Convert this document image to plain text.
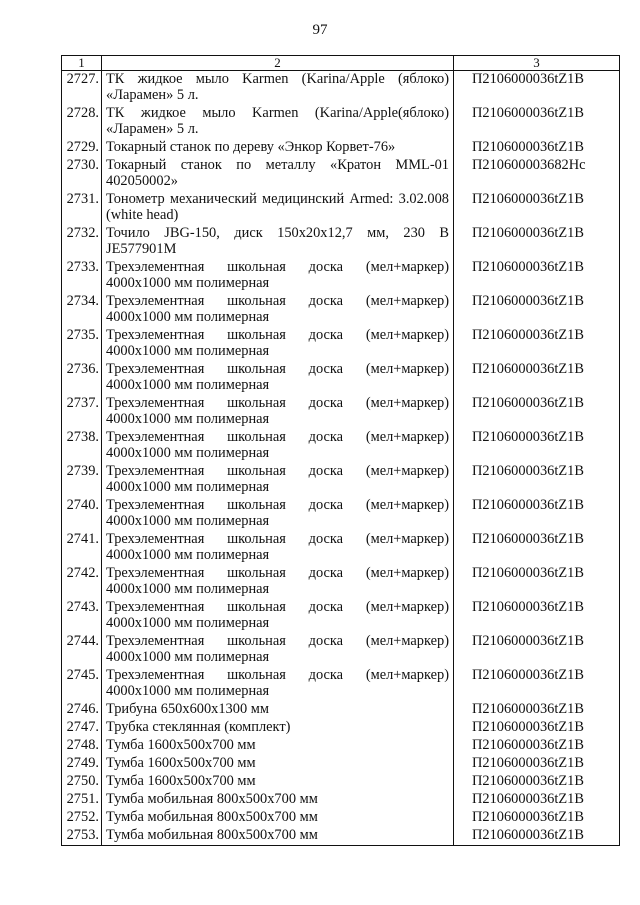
97
1	2	3
2727.	ТК жидкое мыло Karmen (Karina/Apple (яблоко) «Ларамен» 5 л.	П2106000036tZ1B
2728.	ТК жидкое мыло Karmen (Karina/Apple(яблоко) «Ларамен» 5 л.	П2106000036tZ1B
2729.	Токарный станок по дереву «Энкор Корвет-76»	П2106000036tZ1B
2730.	Токарный станок по металлу «Кратон MML-01 402050002»	П210600003682Hc
2731.	Тонометр механический медицинский Armed: 3.02.008 (white head)	П2106000036tZ1B
2732.	Точило JBG-150, диск 150x20x12,7 мм, 230 В JE577901M	П2106000036tZ1B
2733.	Трехэлементная школьная доска (мел+маркер) 4000x1000 мм полимерная	П2106000036tZ1B
2734.	Трехэлементная школьная доска (мел+маркер) 4000x1000 мм полимерная	П2106000036tZ1B
2735.	Трехэлементная школьная доска (мел+маркер) 4000x1000 мм полимерная	П2106000036tZ1B
2736.	Трехэлементная школьная доска (мел+маркер) 4000x1000 мм полимерная	П2106000036tZ1B
2737.	Трехэлементная школьная доска (мел+маркер) 4000x1000 мм полимерная	П2106000036tZ1B
2738.	Трехэлементная школьная доска (мел+маркер) 4000x1000 мм полимерная	П2106000036tZ1B
2739.	Трехэлементная школьная доска (мел+маркер) 4000x1000 мм полимерная	П2106000036tZ1B
2740.	Трехэлементная школьная доска (мел+маркер) 4000x1000 мм полимерная	П2106000036tZ1B
2741.	Трехэлементная школьная доска (мел+маркер) 4000x1000 мм полимерная	П2106000036tZ1B
2742.	Трехэлементная школьная доска (мел+маркер) 4000x1000 мм полимерная	П2106000036tZ1B
2743.	Трехэлементная школьная доска (мел+маркер) 4000x1000 мм полимерная	П2106000036tZ1B
2744.	Трехэлементная школьная доска (мел+маркер) 4000x1000 мм полимерная	П2106000036tZ1B
2745.	Трехэлементная школьная доска (мел+маркер) 4000x1000 мм полимерная	П2106000036tZ1B
2746.	Трибуна 650x600x1300 мм	П2106000036tZ1B
2747.	Трубка стеклянная (комплект)	П2106000036tZ1B
2748.	Тумба 1600x500x700 мм	П2106000036tZ1B
2749.	Тумба 1600x500x700 мм	П2106000036tZ1B
2750.	Тумба 1600x500x700 мм	П2106000036tZ1B
2751.	Тумба мобильная 800x500x700 мм	П2106000036tZ1B
2752.	Тумба мобильная 800x500x700 мм	П2106000036tZ1B
2753.	Тумба мобильная 800x500x700 мм	П2106000036tZ1B
